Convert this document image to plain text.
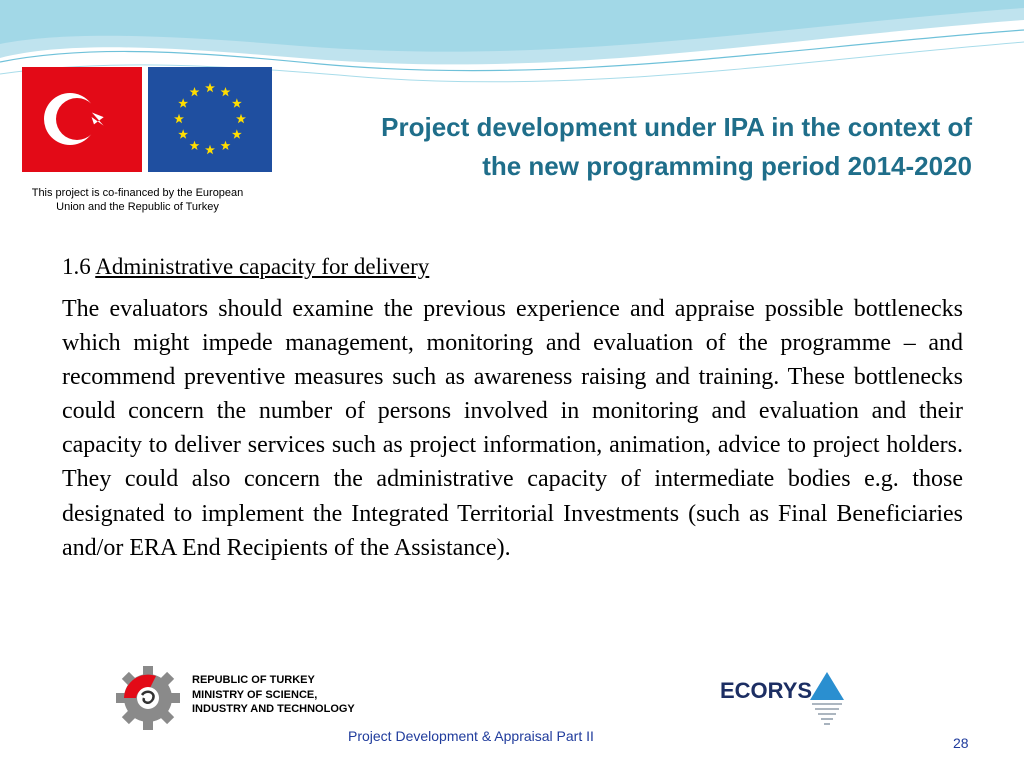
This project is co-financed by the European
Union and the Republic of Turkey
Project development under IPA in the context of
the new programming period 2014-2020
1.6 Administrative capacity for delivery
The evaluators should examine the previous experience and appraise possible bottlenecks which might impede management, monitoring and evaluation of the programme – and recommend preventive measures such as awareness raising and training. These bottlenecks could concern the number of persons involved in monitoring and evaluation and their capacity to deliver services such as project information, animation, advice to project holders. They could also concern the administrative capacity of intermediate bodies e.g. those designated to implement the Integrated Territorial Investments (such as Final Beneficiaries and/or ERA End Recipients of the Assistance).
REPUBLIC OF TURKEY
MINISTRY OF SCIENCE,
INDUSTRY AND TECHNOLOGY
ECORYS
Project Development & Appraisal Part II	28
